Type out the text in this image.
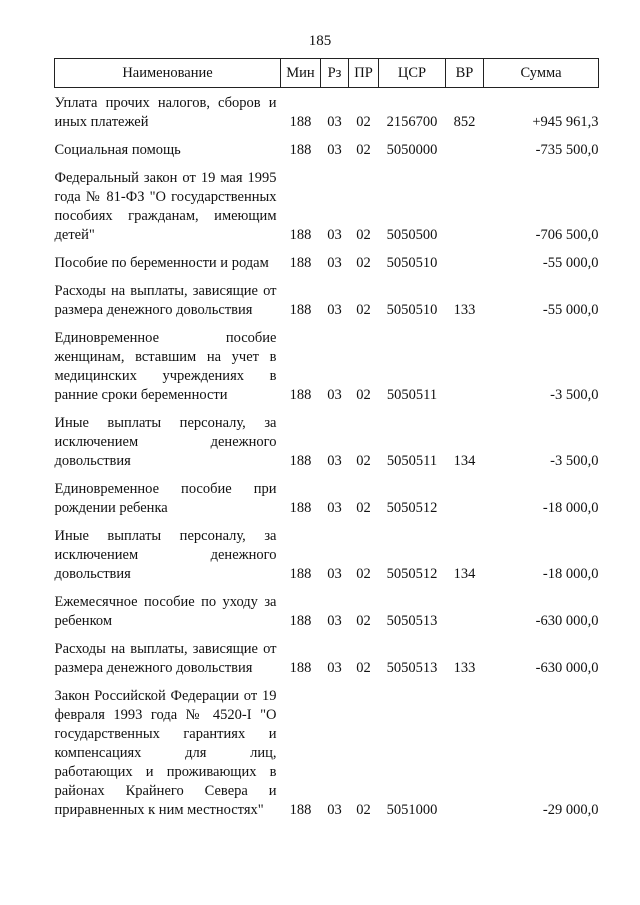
185
Наименование	Мин	Рз	ПР	ЦСР	ВР	Сумма
Уплата прочих налогов, сборов и иных платежей	188	03	02	2156700	852	+945 961,3
Социальная помощь	188	03	02	5050000		-735 500,0
Федеральный закон от 19 мая 1995 года № 81-ФЗ "О государственных пособиях гражданам, имеющим детей"	188	03	02	5050500		-706 500,0
Пособие по беременности и родам	188	03	02	5050510		-55 000,0
Расходы на выплаты, зависящие от размера денежного довольствия	188	03	02	5050510	133	-55 000,0
Единовременное пособие женщинам, вставшим на учет в медицинских учреждениях в ранние сроки беременности	188	03	02	5050511		-3 500,0
Иные выплаты персоналу, за исключением денежного довольствия	188	03	02	5050511	134	-3 500,0
Единовременное пособие при рождении ребенка	188	03	02	5050512		-18 000,0
Иные выплаты персоналу, за исключением денежного довольствия	188	03	02	5050512	134	-18 000,0
Ежемесячное пособие по уходу за ребенком	188	03	02	5050513		-630 000,0
Расходы на выплаты, зависящие от размера денежного довольствия	188	03	02	5050513	133	-630 000,0
Закон Российской Федерации от 19 февраля 1993 года № 4520-I "О государственных гарантиях и компенсациях для лиц, работающих и проживающих в районах Крайнего Севера и приравненных к ним местностях"	188	03	02	5051000		-29 000,0
